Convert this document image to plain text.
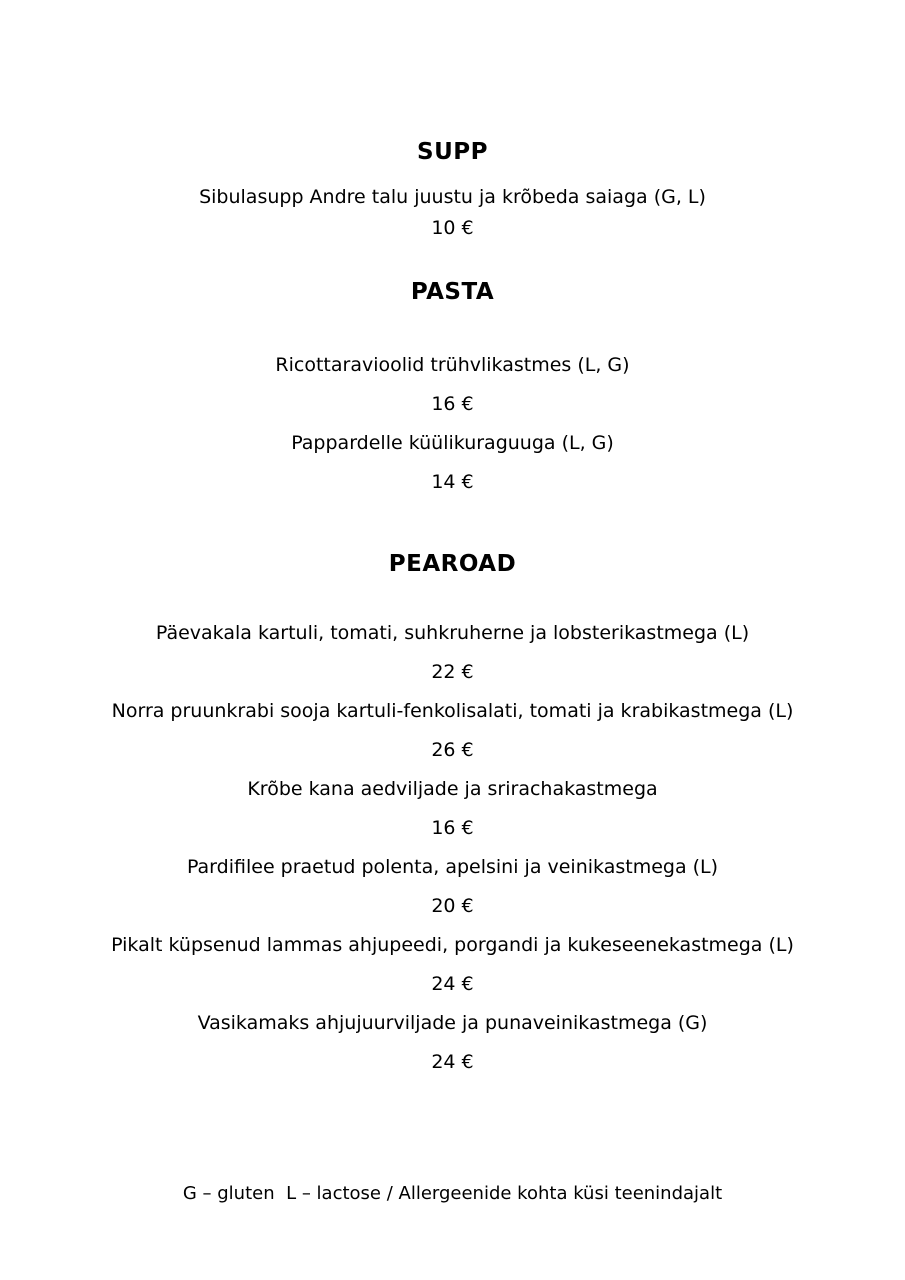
SUPP
Sibulasupp Andre talu juustu ja krõbeda saiaga (G, L)
10 €
PASTA
Ricottaravioolid trühvlikastmes (L, G)
16 €
Pappardelle küülikuraguuga (L, G)
14 €
PEAROAD
Päevakala kartuli, tomati, suhkruherne ja lobsterikastmega (L)
22 €
Norra pruunkrabi sooja kartuli-fenkolisalati, tomati ja krabikastmega (L)
26 €
Krõbe kana aedviljade ja srirachakastmega
16 €
Pardifilee praetud polenta, apelsini ja veinikastmega (L)
20 €
Pikalt küpsenud lammas ahjupeedi, porgandi ja kukeseenekastmega (L)
24 €
Vasikamaks ahjujuurviljade ja punaveinikastmega (G)
24 €
G – gluten  L – lactose / Allergeenide kohta küsi teenindajalt
